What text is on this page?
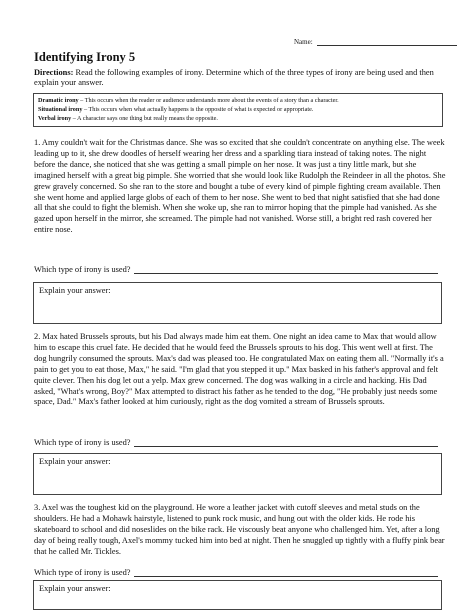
Name:
Identifying Irony 5
Directions: Read the following examples of irony. Determine which of the three types of irony are being used and then explain your answer.
Dramatic irony – This occurs when the reader or audience understands more about the events of a story than a character.
Situational irony – This occurs when what actually happens is the opposite of what is expected or appropriate.
Verbal irony – A character says one thing but really means the opposite.
1. Amy couldn't wait for the Christmas dance. She was so excited that she couldn't concentrate on anything else. The week leading up to it, she drew doodles of herself wearing her dress and a sparkling tiara instead of taking notes. The night before the dance, she noticed that she was getting a small pimple on her nose. It was just a tiny little mark, but she imagined herself with a great big pimple. She worried that she would look like Rudolph the Reindeer in all the photos. She grew gravely concerned. So she ran to the store and bought a tube of every kind of pimple fighting cream available. Then she went home and applied large globs of each of them to her nose. She went to bed that night satisfied that she had done all that she could to fight the blemish. When she woke up, she ran to mirror hoping that the pimple had vanished. As she gazed upon herself in the mirror, she screamed. The pimple had not vanished. Worse still, a bright red rash covered her entire nose.
Which type of irony is used?
Explain your answer:
2. Max hated Brussels sprouts, but his Dad always made him eat them. One night an idea came to Max that would allow him to escape this cruel fate. He decided that he would feed the Brussels sprouts to his dog. This went well at first. The dog hungrily consumed the sprouts. Max's dad was pleased too. He congratulated Max on eating them all. "Normally it's a pain to get you to eat those, Max," he said. "I'm glad that you stepped it up." Max basked in his father's approval and felt quite clever. Then his dog let out a yelp. Max grew concerned. The dog was walking in a circle and hacking. His Dad asked, "What's wrong, Boy?" Max attempted to distract his father as he tended to the dog, "He probably just needs some space, Dad." Max's father looked at him curiously, right as the dog vomited a stream of Brussels sprouts.
Which type of irony is used?
Explain your answer:
3. Axel was the toughest kid on the playground. He wore a leather jacket with cutoff sleeves and metal studs on the shoulders. He had a Mohawk hairstyle, listened to punk rock music, and hung out with the older kids. He rode his skateboard to school and did noseslides on the bike rack. He viscously beat anyone who challenged him. Yet, after a long day of being really tough, Axel's mommy tucked him into bed at night. Then he snuggled up tightly with a fluffy pink bear that he called Mr. Tickles.
Which type of irony is used?
Explain your answer:
